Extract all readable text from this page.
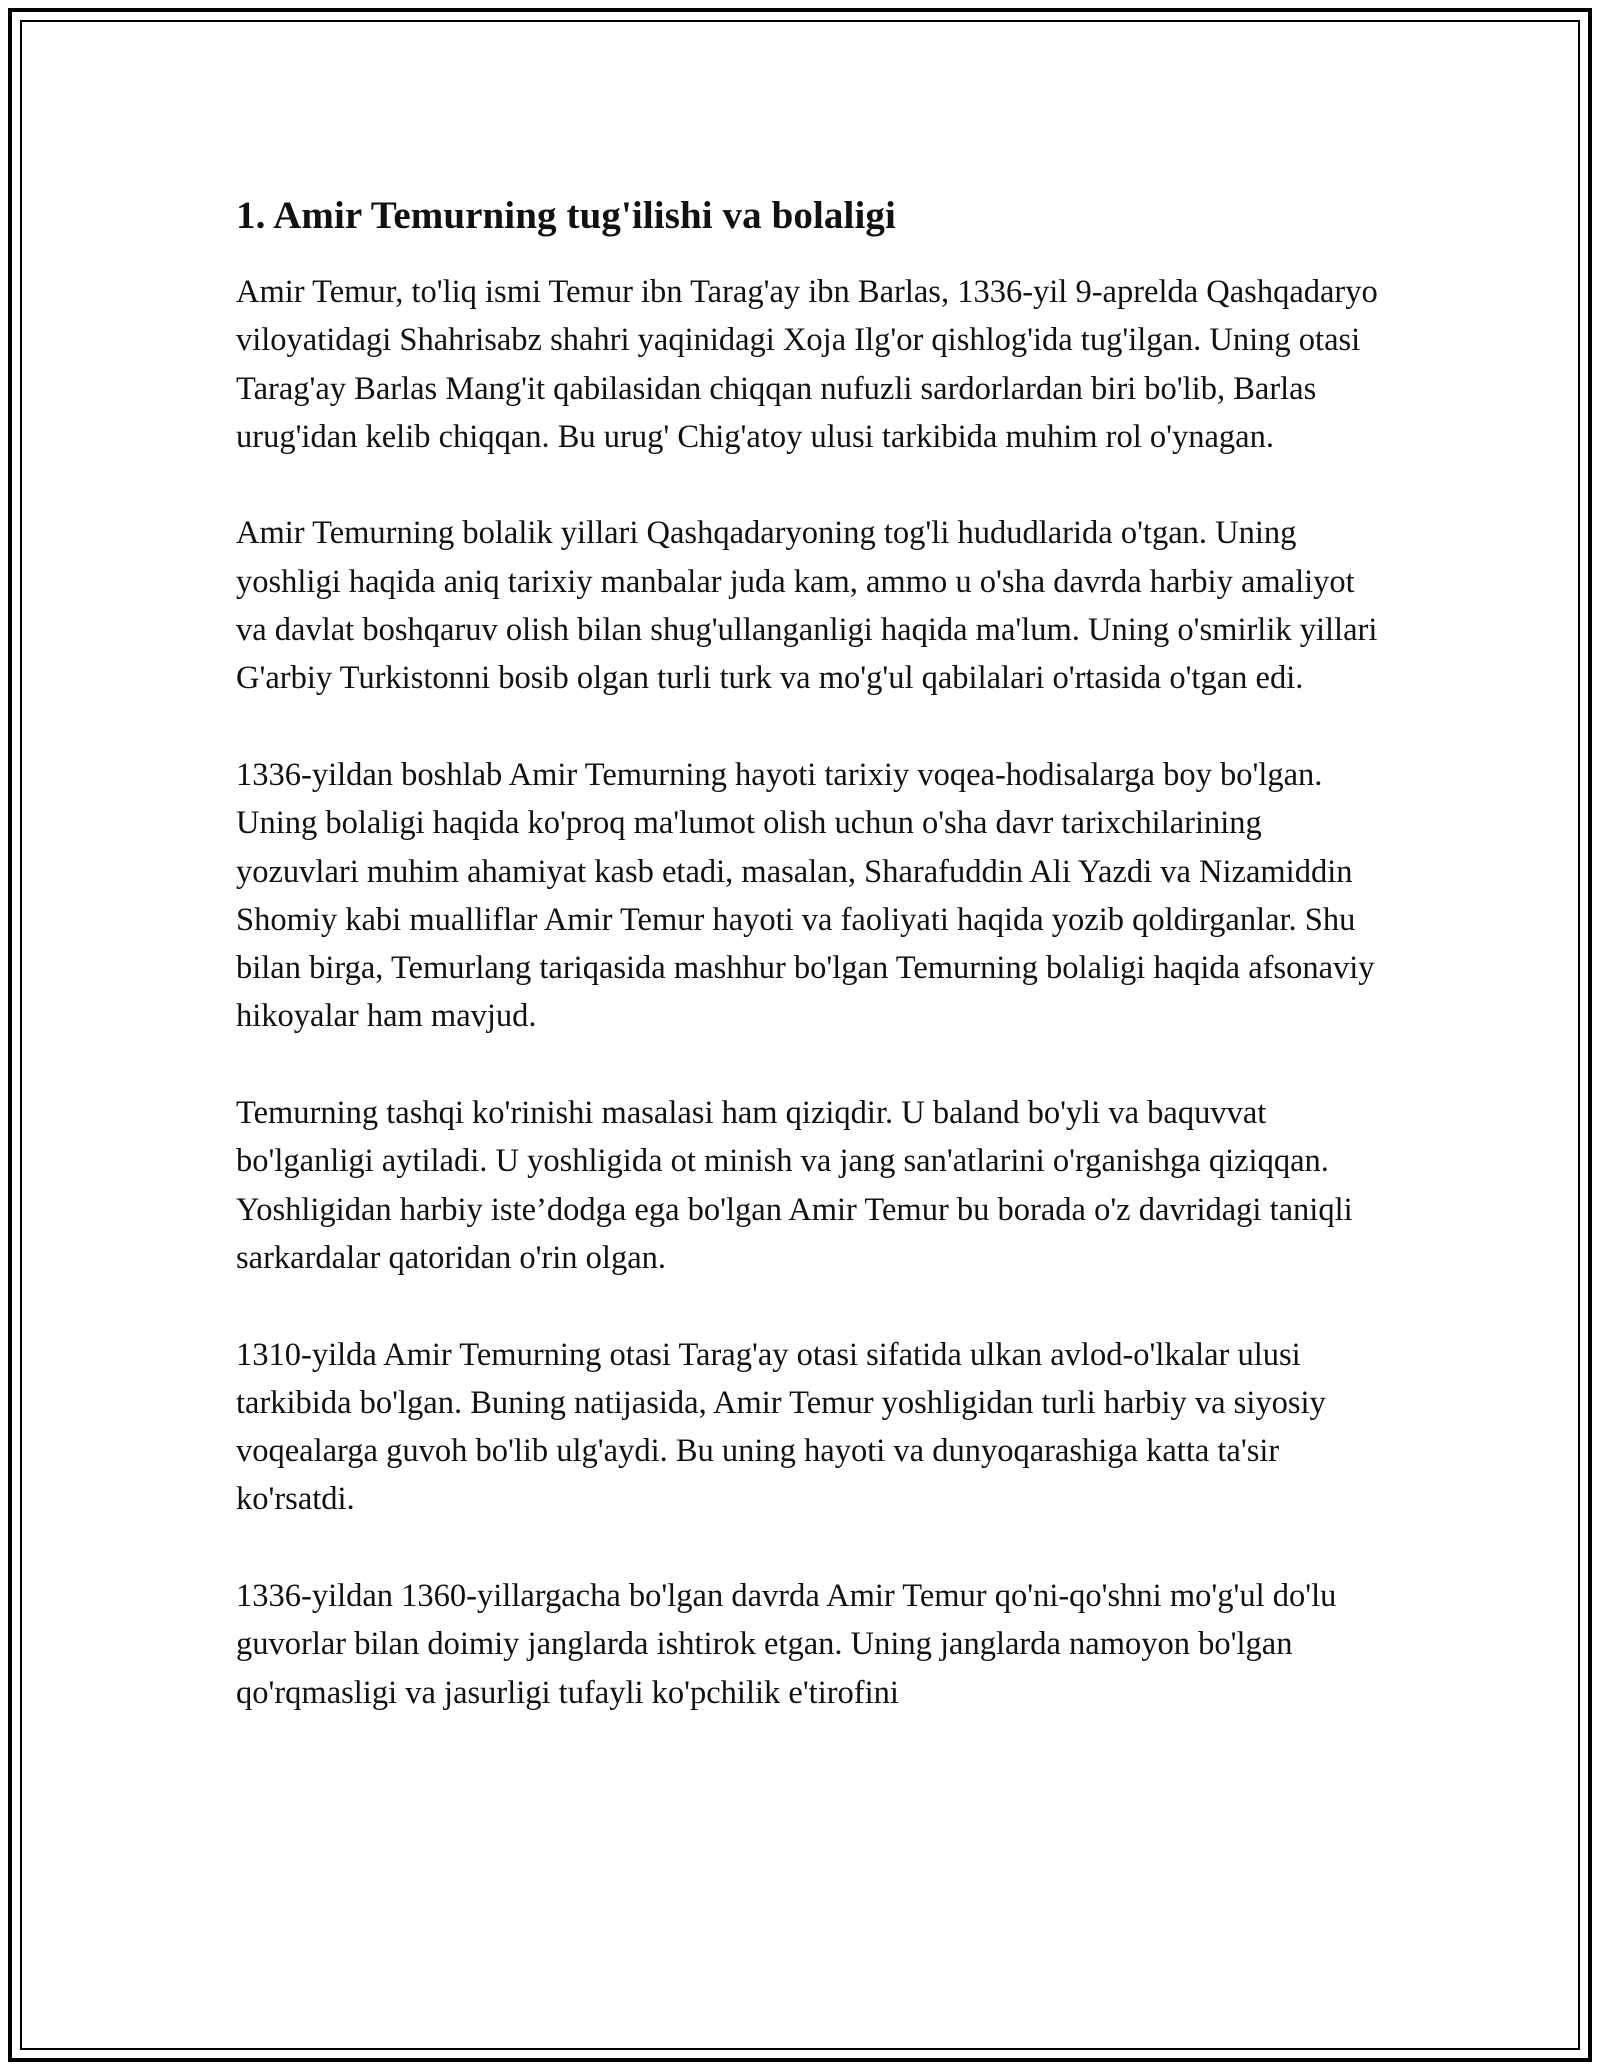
1. Amir Temurning tug'ilishi va bolaligi

Amir Temur, to'liq ismi Temur ibn Tarag'ay ibn Barlas, 1336-yil 9-aprelda Qashqadaryo viloyatidagi Shahrisabz shahri yaqinidagi Xoja Ilg'or qishlog'ida tug'ilgan. Uning otasi Tarag'ay Barlas Mang'it qabilasidan chiqqan nufuzli sardorlardan biri bo'lib, Barlas urug'idan kelib chiqqan. Bu urug' Chig'atoy ulusi tarkibida muhim rol o'ynagan.

Amir Temurning bolalik yillari Qashqadaryoning tog'li hududlarida o'tgan. Uning yoshligi haqida aniq tarixiy manbalar juda kam, ammo u o'sha davrda harbiy amaliyot va davlat boshqaruv olish bilan shug'ullanganligi haqida ma'lum. Uning o'smirlik yillari G'arbiy Turkistonni bosib olgan turli turk va mo'g'ul qabilalari o'rtasida o'tgan edi.

1336-yildan boshlab Amir Temurning hayoti tarixiy voqea-hodisalarga boy bo'lgan. Uning bolaligi haqida ko'proq ma'lumot olish uchun o'sha davr tarixchilarining yozuvlari muhim ahamiyat kasb etadi, masalan, Sharafuddin Ali Yazdi va Nizamiddin Shomiy kabi mualliflar Amir Temur hayoti va faoliyati haqida yozib qoldirganlar. Shu bilan birga, Temurlang tariqasida mashhur bo'lgan Temurning bolaligi haqida afsonaviy hikoyalar ham mavjud.

Temurning tashqi ko'rinishi masalasi ham qiziqdir. U baland bo'yli va baquvvat bo'lganligi aytiladi. U yoshligida ot minish va jang san'atlarini o'rganishga qiziqqan. Yoshligidan harbiy iste’dodga ega bo'lgan Amir Temur bu borada o'z davridagi taniqli sarkardalar qatoridan o'rin olgan.

1310-yilda Amir Temurning otasi Tarag'ay otasi sifatida ulkan avlod-o'lkalar ulusi tarkibida bo'lgan. Buning natijasida, Amir Temur yoshligidan turli harbiy va siyosiy voqealarga guvoh bo'lib ulg'aydi. Bu uning hayoti va dunyoqarashiga katta ta'sir ko'rsatdi.

1336-yildan 1360-yillargacha bo'lgan davrda Amir Temur qo'ni-qo'shni mo'g'ul do'lu guvorlar bilan doimiy janglarda ishtirok etgan. Uning janglarda namoyon bo'lgan qo'rqmasligi va jasurligi tufayli ko'pchilik e'tirofini
